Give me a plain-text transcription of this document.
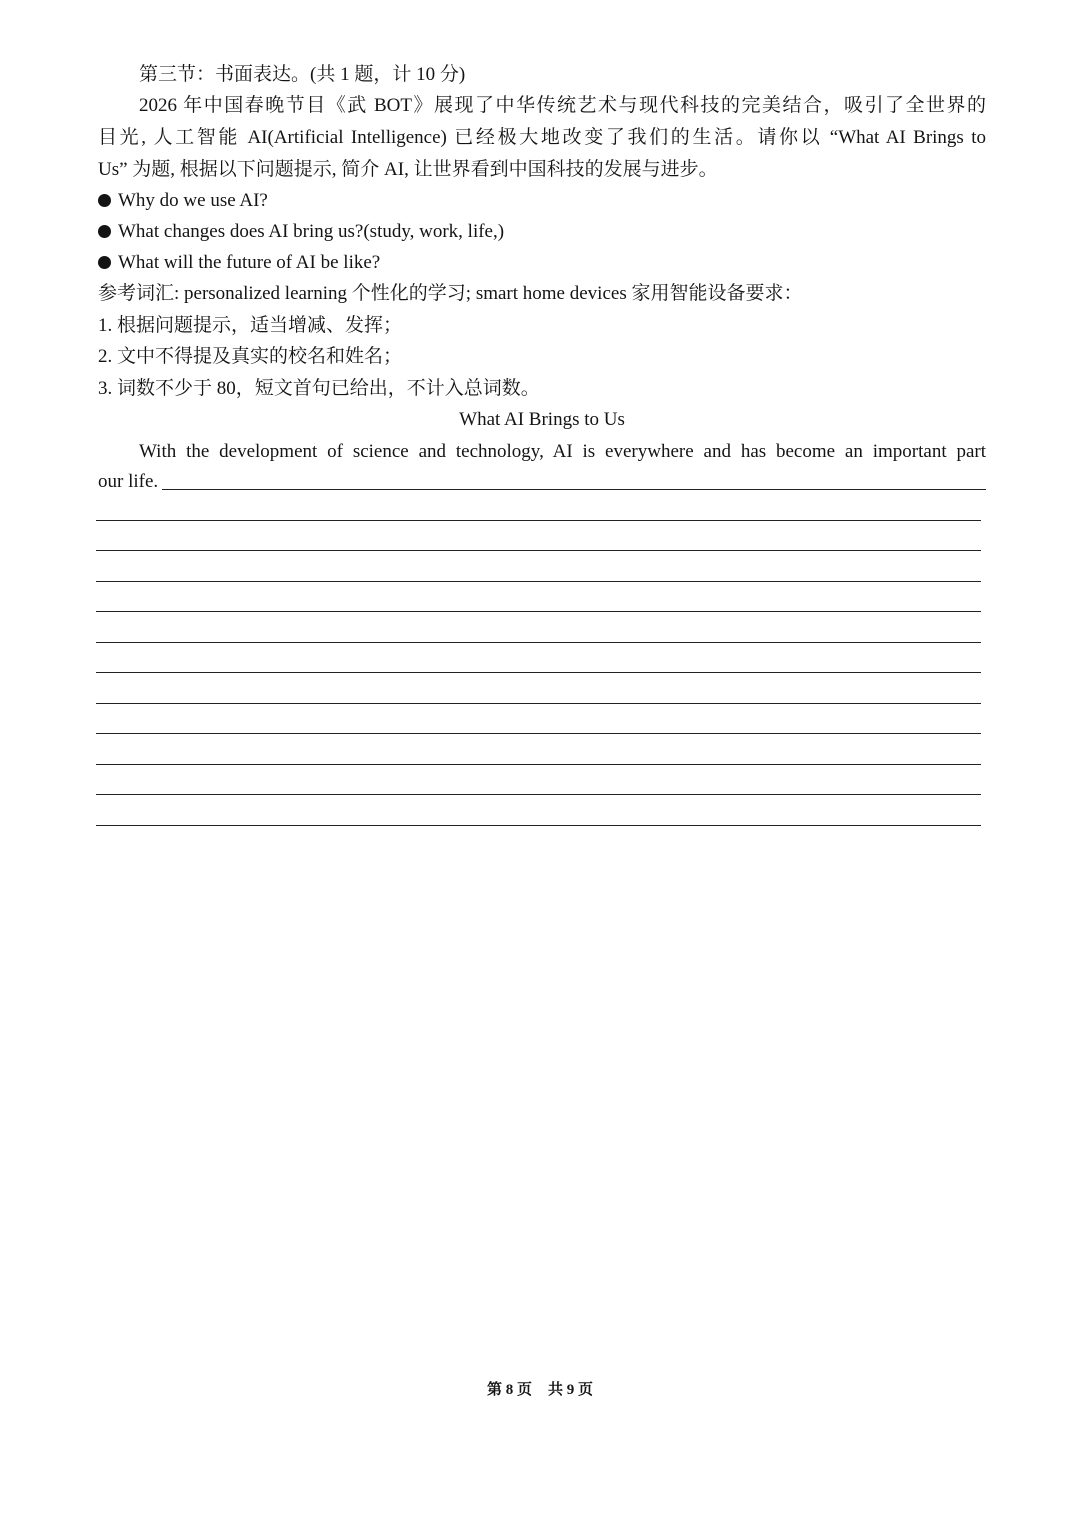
第三节：书面表达。(共 1 题，计 10 分)
2026 年中国春晚节目《武 BOT》展现了中华传统艺术与现代科技的完美结合，吸引了全世界的
目光, 人工智能 AI(Artificial Intelligence) 已经极大地改变了我们的生活。请你以 “What AI Brings to
Us” 为题, 根据以下问题提示, 简介 AI, 让世界看到中国科技的发展与进步。
Why do we use AI?
What changes does AI bring us?(study, work, life,)
What will the future of AI be like?
参考词汇: personalized learning 个性化的学习; smart home devices 家用智能设备要求：
1. 根据问题提示，适当增减、发挥；
2. 文中不得提及真实的校名和姓名；
3. 词数不少于 80，短文首句已给出，不计入总词数。
What AI Brings to Us
With the development of science and technology, AI is everywhere and has become an important part
our life.
第 8 页 共 9 页
